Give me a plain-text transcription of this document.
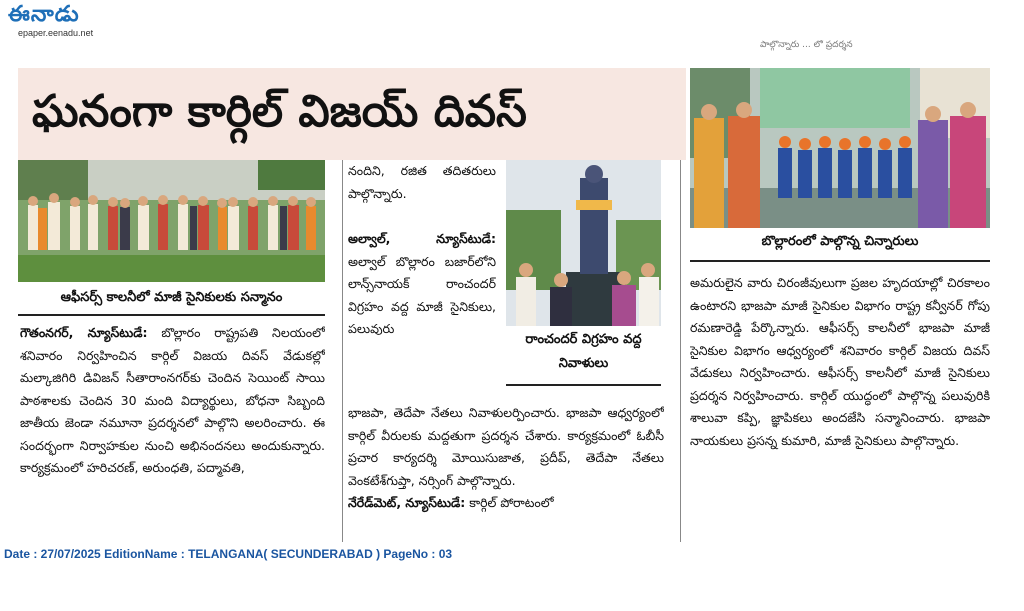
ఈనాడు
epaper.eenadu.net
పాల్గొన్నారు ... లో ప్రదర్శన
ఘనంగా కార్గిల్ విజయ్ దివస్
ఆఫీసర్స్ కాలనీలో మాజీ సైనికులకు సన్మానం

గౌతంనగర్, న్యూస్‌టుడే: బొల్లారం రాష్ట్రపతి నిలయంలో శనివారం నిర్వహించిన కార్గిల్ విజయ దివస్ వేడుకల్లో మల్కాజిగిరి డివిజన్ సీతారాంనగర్‌కు చెందిన సెయింట్ సాయి పాఠశాలకు చెందిన 30 మంది విద్యార్థులు, బోధనా సిబ్బంది జాతీయ జెండా నమూనా ప్రదర్శనలో పాల్గొని అలరించారు. ఈ సందర్భంగా నిర్వాహకుల నుంచి అభినందనలు అందుకున్నారు. కార్యక్రమంలో హరిచరణ్, అరుంధతి, పద్మావతి,

నందిని, రజిత తదితరులు పాల్గొన్నారు.

అల్వాల్, న్యూస్‌టుడే: అల్వాల్ బొల్లారం బజార్‌లోని లాన్స్‌నాయక్ రాంచందర్ విగ్రహం వద్ద మాజీ సైనికులు, పలువురు

రాంచందర్ విగ్రహం వద్ద
నివాళులు

భాజపా, తెదేపా నేతలు నివాళులర్పించారు. భాజపా ఆధ్వర్యంలో కార్గిల్ వీరులకు మద్దతుగా ప్రదర్శన చేశారు. కార్యక్రమంలో ఓబీసీ ప్రచార కార్యదర్శి మోయిసుజాత, ప్రదీప్, తెదేపా నేతలు వెంకటేశ్‌గుప్తా, నర్సింగ్ పాల్గొన్నారు.

నేరేడ్‌మెట్, న్యూస్‌టుడే: కార్గిల్ పోరాటంలో

బొల్లారంలో పాల్గొన్న చిన్నారులు

అమరులైన వారు చిరంజీవులుగా ప్రజల హృదయాల్లో చిరకాలం ఉంటారని భాజపా మాజీ సైనికుల విభాగం రాష్ట్ర కన్వీనర్ గోపు రమణారెడ్డి పేర్కొన్నారు. ఆఫీసర్స్ కాలనీలో భాజపా మాజీ సైనికుల విభాగం ఆధ్వర్యంలో శనివారం కార్గిల్ విజయ దివస్ వేడుకలు నిర్వహించారు. ఆఫీసర్స్ కాలనీలో మాజీ సైనికులు ప్రదర్శన నిర్వహించారు. కార్గిల్ యుద్ధంలో పాల్గొన్న పలువురికి శాలువా కప్పి, జ్ఞాపికలు అందజేసి సన్మానించారు. భాజపా నాయకులు ప్రసన్న కుమారి, మాజీ సైనికులు పాల్గొన్నారు.

Date : 27/07/2025 EditionName : TELANGANA( SECUNDERABAD ) PageNo : 03
